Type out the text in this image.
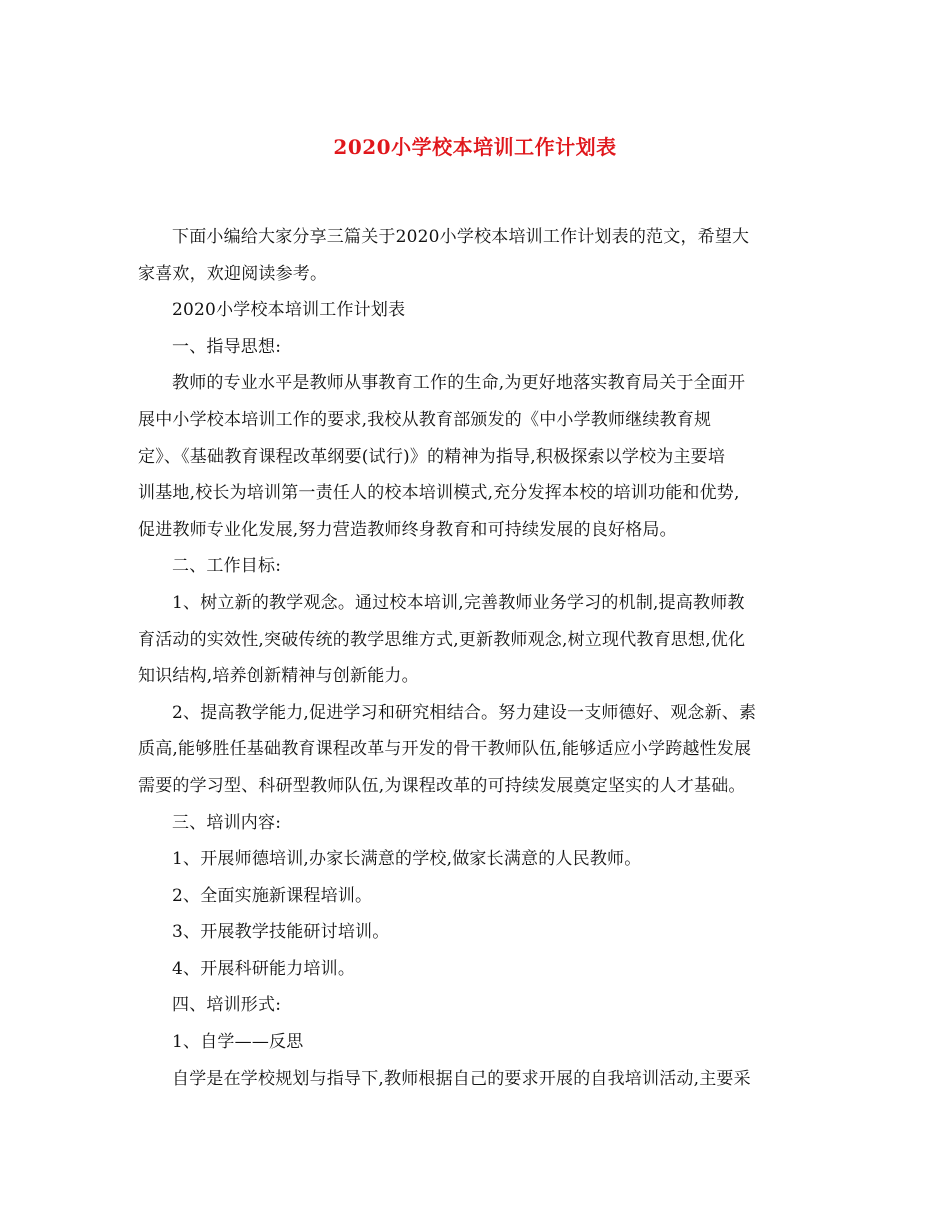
2020小学校本培训工作计划表
下面小编给大家分享三篇关于2020小学校本培训工作计划表的范文，希望大
家喜欢，欢迎阅读参考。
2020小学校本培训工作计划表
一、指导思想:
教师的专业水平是教师从事教育工作的生命,为更好地落实教育局关于全面开
展中小学校本培训工作的要求,我校从教育部颁发的《中小学教师继续教育规
定》、《基础教育课程改革纲要(试行)》的精神为指导,积极探索以学校为主要培
训基地,校长为培训第一责任人的校本培训模式,充分发挥本校的培训功能和优势,
促进教师专业化发展,努力营造教师终身教育和可持续发展的良好格局。
二、工作目标:
1、树立新的教学观念。通过校本培训,完善教师业务学习的机制,提高教师教
育活动的实效性,突破传统的教学思维方式,更新教师观念,树立现代教育思想,优化
知识结构,培养创新精神与创新能力。
2、提高教学能力,促进学习和研究相结合。努力建设一支师德好、观念新、素
质高,能够胜任基础教育课程改革与开发的骨干教师队伍,能够适应小学跨越性发展
需要的学习型、科研型教师队伍,为课程改革的可持续发展奠定坚实的人才基础。
三、培训内容:
1、开展师德培训,办家长满意的学校,做家长满意的人民教师。
2、全面实施新课程培训。
3、开展教学技能研讨培训。
4、开展科研能力培训。
四、培训形式:
1、自学——反思
自学是在学校规划与指导下,教师根据自己的要求开展的自我培训活动,主要采
